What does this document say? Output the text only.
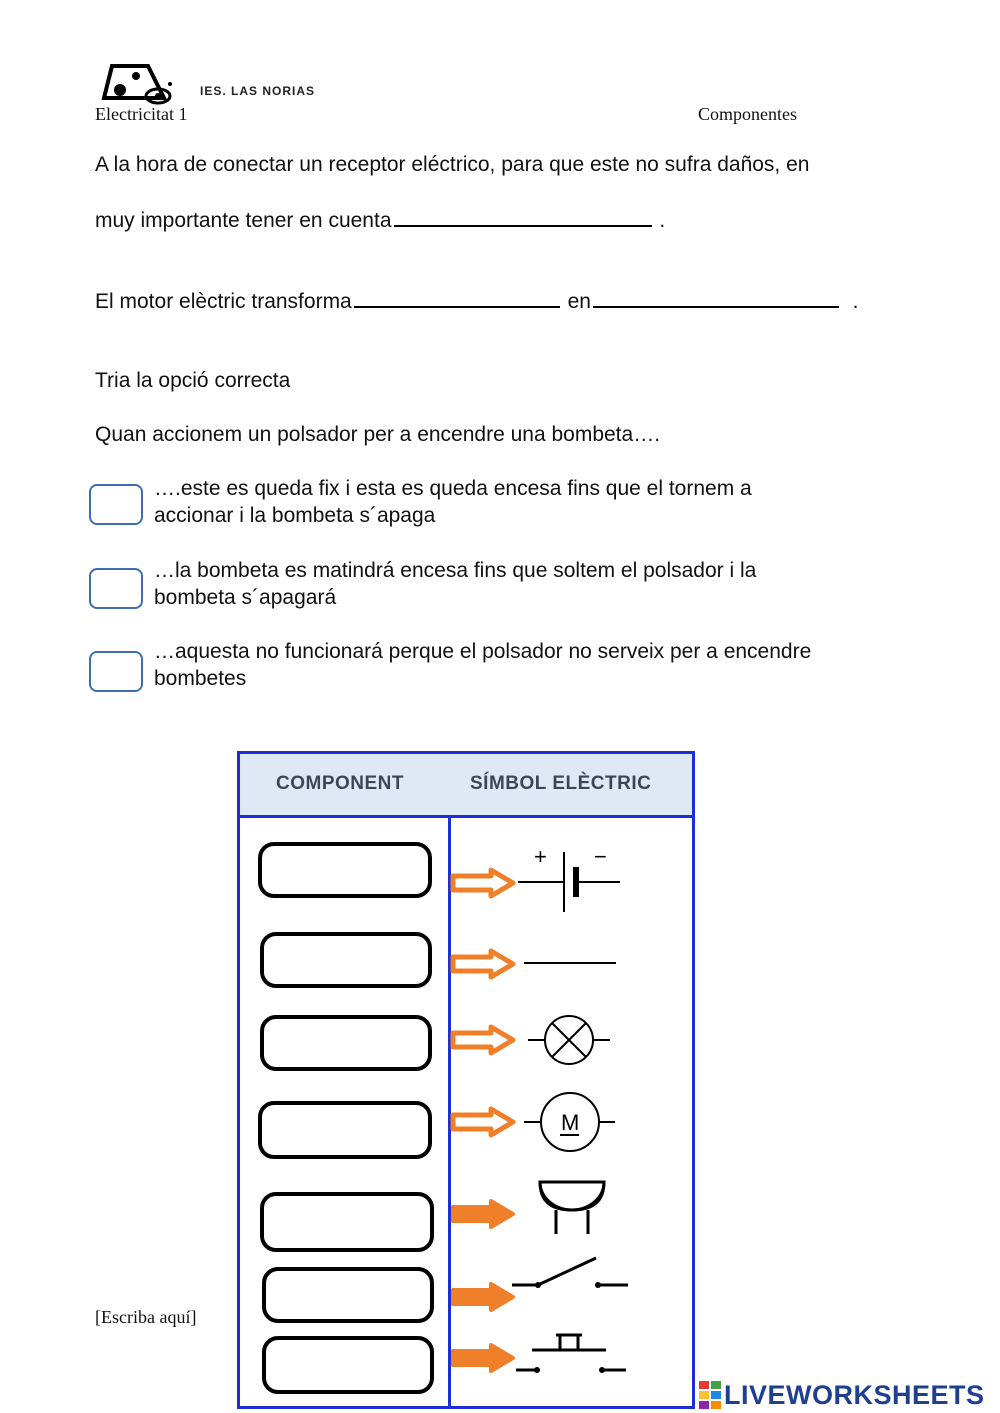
IES. LAS NORIAS
Electricitat 1	Componentes
A la hora de conectar un receptor eléctrico, para que este no sufra daños, en
muy importante tener en cuenta	.
El motor elèctric transforma	en	.
Tria la opció correcta
Quan accionem un polsador per a encendre una bombeta….
….este es queda fix i esta es queda encesa fins que el tornem a
accionar i la bombeta s´apaga
…la bombeta es matindrá encesa fins que soltem el polsador i la
bombeta s´apagará
…aquesta no funcionará perque el polsador no serveix per a encendre
bombetes
COMPONENT	SÍMBOL ELÈCTRIC
+ −
M
[Escriba aquí]
LIVEWORKSHEETS
